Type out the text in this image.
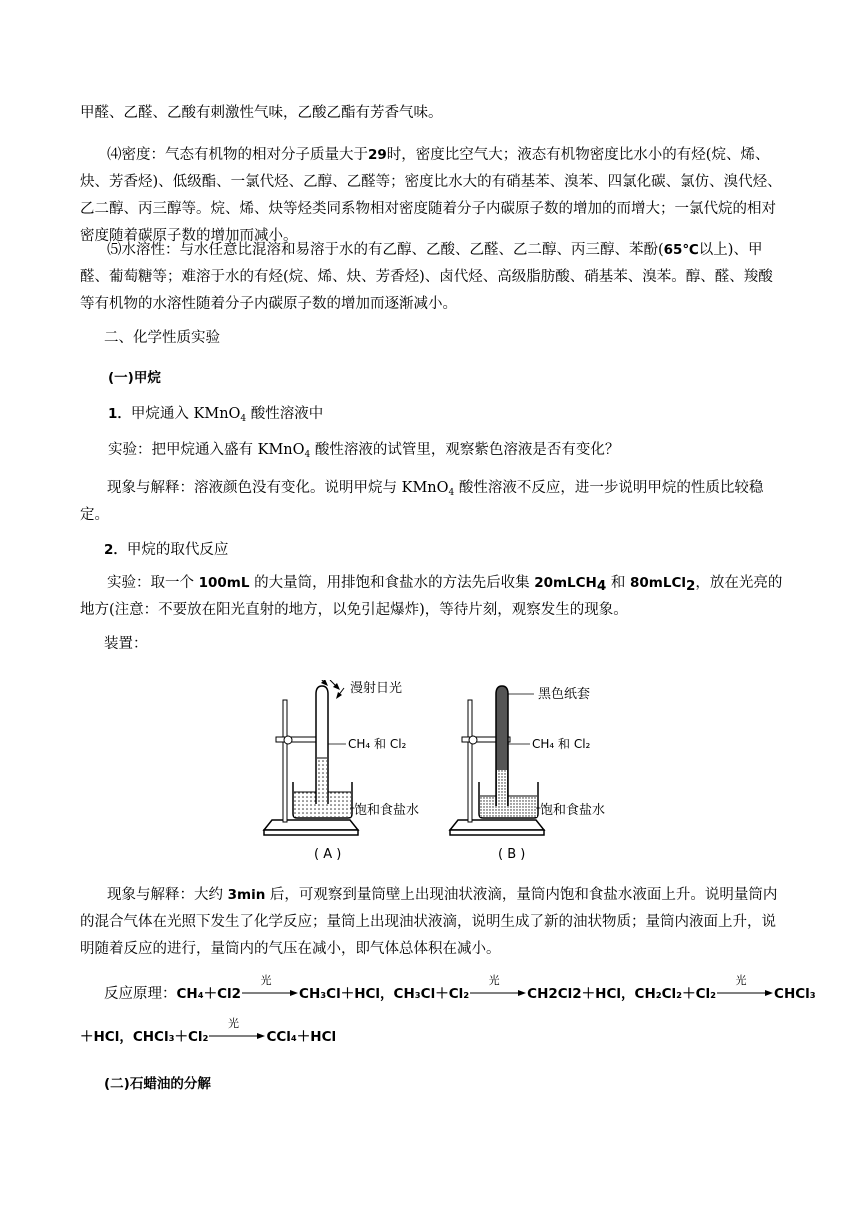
甲醛、乙醛、乙酸有刺激性气味，乙酸乙酯有芳香气味。

⑷密度：气态有机物的相对分子质量大于29时，密度比空气大；液态有机物密度比水小的有烃(烷、烯、炔、芳香烃)、低级酯、一氯代烃、乙醇、乙醛等；密度比水大的有硝基苯、溴苯、四氯化碳、氯仿、溴代烃、乙二醇、丙三醇等。烷、烯、炔等烃类同系物相对密度随着分子内碳原子数的增加的而增大；一氯代烷的相对密度随着碳原子数的增加而减小。

⑸水溶性：与水任意比混溶和易溶于水的有乙醇、乙酸、乙醛、乙二醇、丙三醇、苯酚(65℃以上)、甲醛、葡萄糖等；难溶于水的有烃(烷、烯、炔、芳香烃)、卤代烃、高级脂肪酸、硝基苯、溴苯。醇、醛、羧酸等有机物的水溶性随着分子内碳原子数的增加而逐渐减小。

二、化学性质实验

(一)甲烷

1．甲烷通入 KMnO$_4$ 酸性溶液中

实验：把甲烷通入盛有 KMnO$_4$ 酸性溶液的试管里，观察紫色溶液是否有变化？

现象与解释：溶液颜色没有变化。说明甲烷与 KMnO$_4$ 酸性溶液不反应，进一步说明甲烷的性质比较稳定。

2．甲烷的取代反应

实验：取一个 100mL 的大量筒，用排饱和食盐水的方法先后收集 20mLCH$_4$ 和 80mLCl$_2$，放在光亮的地方(注意：不要放在阳光直射的地方，以免引起爆炸)，等待片刻，观察发生的现象。

装置：

漫射日光
CH₄ 和 Cl₂
饱和食盐水
( A )
黑色纸套
CH₄ 和 Cl₂
饱和食盐水
( B )

现象与解释：大约 3min 后，可观察到量筒壁上出现油状液滴，量筒内饱和食盐水液面上升。说明量筒内的混合气体在光照下发生了化学反应；量筒上出现油状液滴，说明生成了新的油状物质；量筒内液面上升，说明随着反应的进行，量筒内的气压在减小，即气体总体积在减小。

反应原理：CH₄＋Cl2
光
CH₃Cl＋HCl，CH₃Cl＋Cl₂
光
CH2Cl2＋HCl，CH₂Cl₂＋Cl₂
光
CHCl₃

＋HCl，CHCl₃＋Cl₂
光
CCl₄＋HCl

(二)石蜡油的分解
